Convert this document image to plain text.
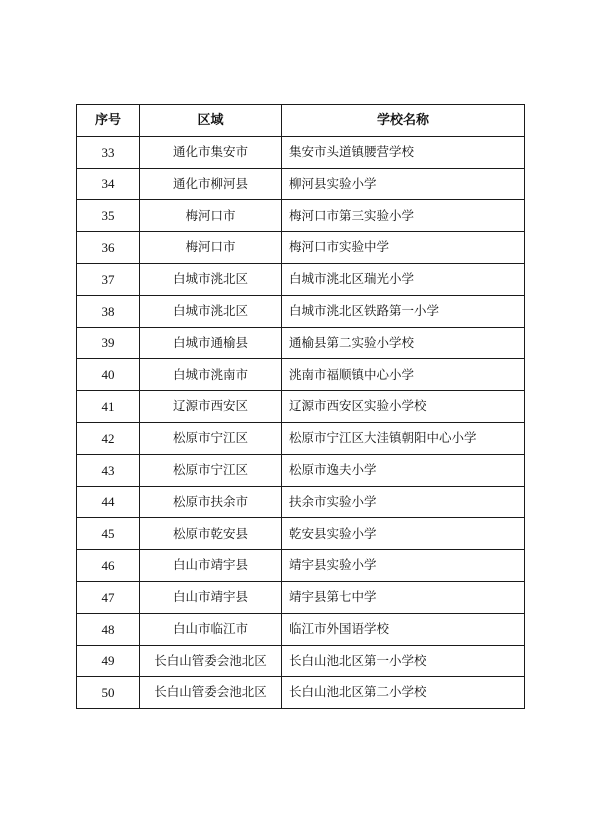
序号	区域	学校名称
33	通化市集安市	集安市头道镇腰营学校
34	通化市柳河县	柳河县实验小学
35	梅河口市	梅河口市第三实验小学
36	梅河口市	梅河口市实验中学
37	白城市洮北区	白城市洮北区瑞光小学
38	白城市洮北区	白城市洮北区铁路第一小学
39	白城市通榆县	通榆县第二实验小学校
40	白城市洮南市	洮南市福顺镇中心小学
41	辽源市西安区	辽源市西安区实验小学校
42	松原市宁江区	松原市宁江区大洼镇朝阳中心小学
43	松原市宁江区	松原市逸夫小学
44	松原市扶余市	扶余市实验小学
45	松原市乾安县	乾安县实验小学
46	白山市靖宇县	靖宇县实验小学
47	白山市靖宇县	靖宇县第七中学
48	白山市临江市	临江市外国语学校
49	长白山管委会池北区	长白山池北区第一小学校
50	长白山管委会池北区	长白山池北区第二小学校
